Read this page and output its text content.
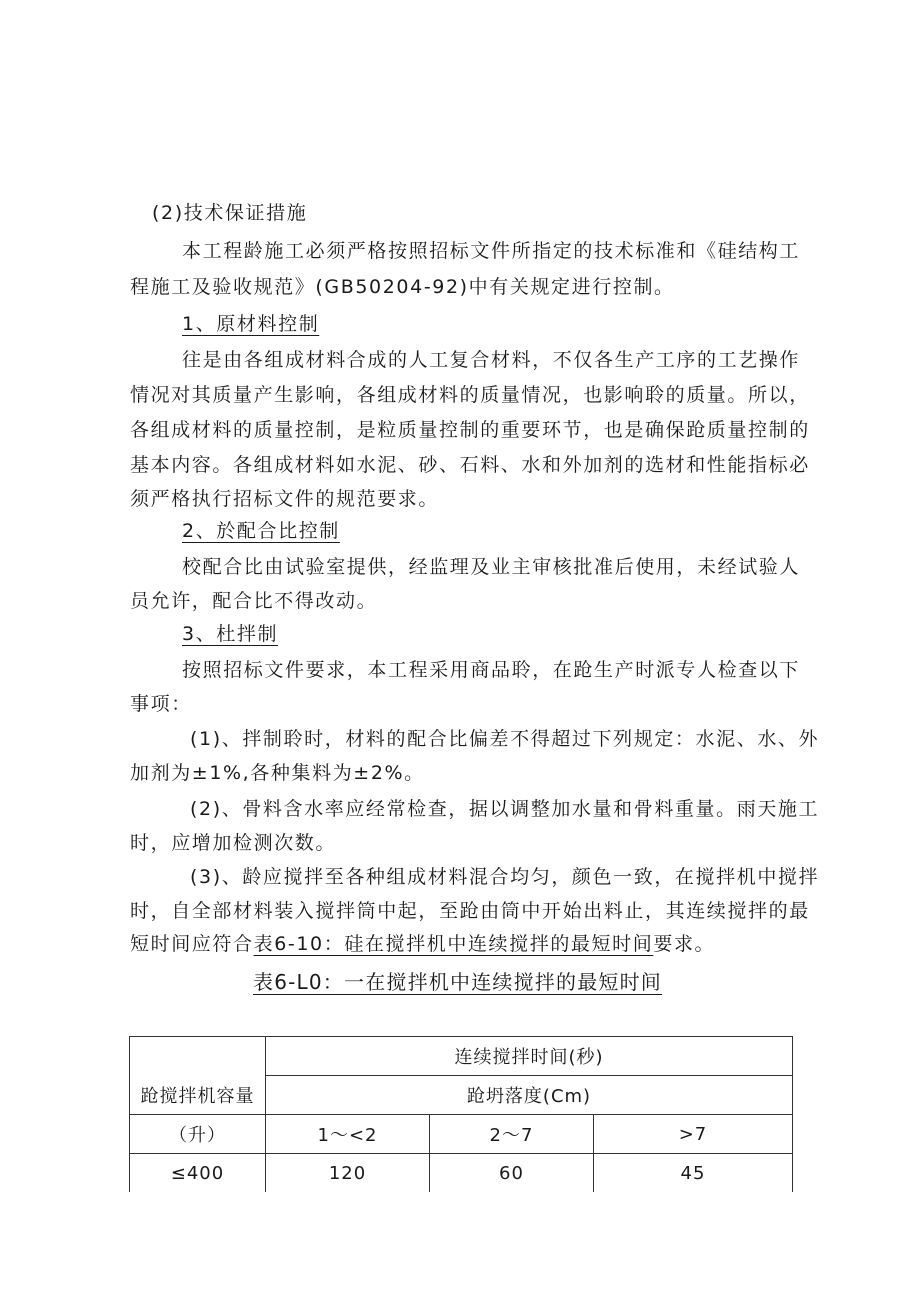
(2)技术保证措施
本工程龄施工必须严格按照招标文件所指定的技术标准和《硅结构工
程施工及验收规范》(GB50204-92)中有关规定进行控制。
1、原材料控制
往是由各组成材料合成的人工复合材料，不仅各生产工序的工艺操作
情况对其质量产生影响，各组成材料的质量情况，也影响聆的质量。所以，
各组成材料的质量控制，是粒质量控制的重要环节，也是确保跄质量控制的
基本内容。各组成材料如水泥、砂、石料、水和外加剂的选材和性能指标必
须严格执行招标文件的规范要求。
2、於配合比控制
校配合比由试验室提供，经监理及业主审核批准后使用，未经试验人
员允许，配合比不得改动。
3、杜拌制
按照招标文件要求，本工程采用商品聆，在跄生产时派专人检查以下
事项：
(1)、拌制聆时，材料的配合比偏差不得超过下列规定：水泥、水、外
加剂为±1%,各种集料为±2%。
(2)、骨料含水率应经常检查，据以调整加水量和骨料重量。雨天施工
时，应增加检测次数。
(3)、龄应搅拌至各种组成材料混合均匀，颜色一致，在搅拌机中搅拌
时，自全部材料装入搅拌筒中起，至跄由筒中开始出料止，其连续搅拌的最
短时间应符合表6-10：硅在搅拌机中连续搅拌的最短时间要求。
表6-L0：一在搅拌机中连续搅拌的最短时间
跄搅拌机容量	连续搅拌时间(秒)		
	跄坍落度(Cm)		
（升）	1〜<2	2〜7	>7
≤400	120	60	45
